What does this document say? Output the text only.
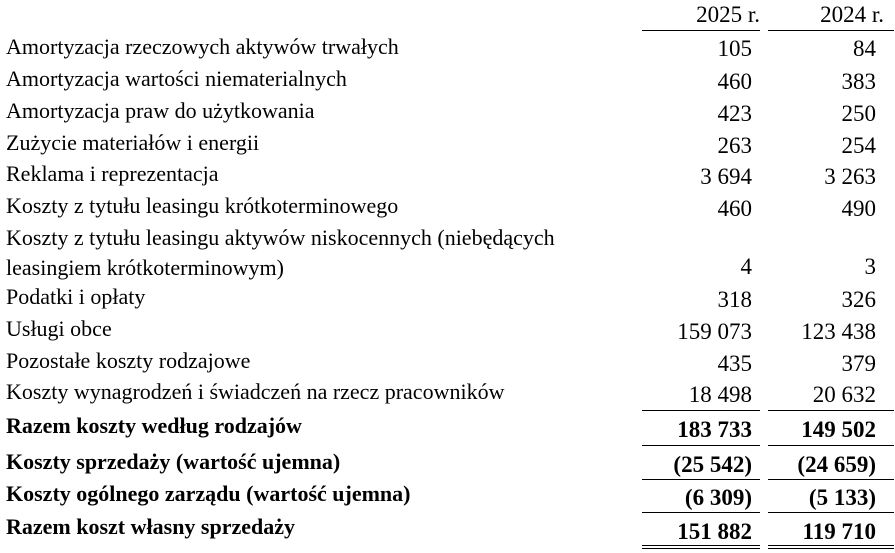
2025 r.	2024 r.
Amortyzacja rzeczowych aktywów trwałych	105	84
Amortyzacja wartości niematerialnych	460	383
Amortyzacja praw do użytkowania	423	250
Zużycie materiałów i energii	263	254
Reklama i reprezentacja	3 694	3 263
Koszty z tytułu leasingu krótkoterminowego	460	490
Koszty z tytułu leasingu aktywów niskocennych (niebędących
leasingiem krótkoterminowym)	4	3
Podatki i opłaty	318	326
Usługi obce	159 073	123 438
Pozostałe koszty rodzajowe	435	379
Koszty wynagrodzeń i świadczeń na rzecz pracowników	18 498	20 632
Razem koszty według rodzajów	183 733	149 502
Koszty sprzedaży (wartość ujemna)	(25 542)	(24 659)
Koszty ogólnego zarządu (wartość ujemna)	(6 309)	(5 133)
Razem koszt własny sprzedaży	151 882	119 710
